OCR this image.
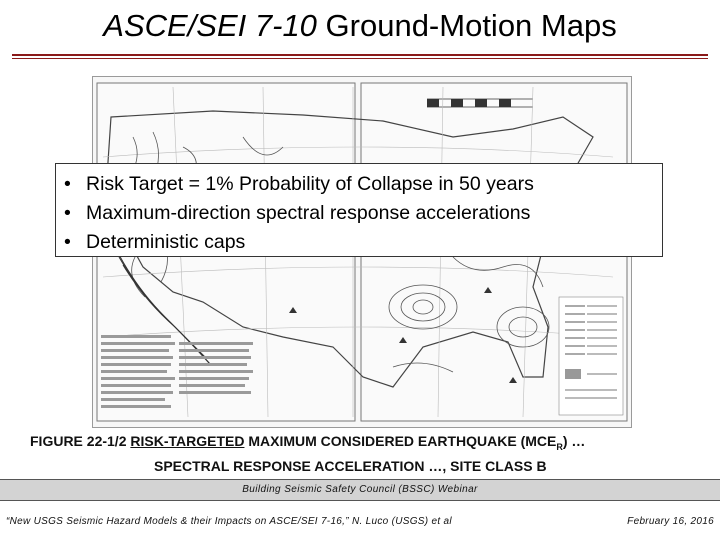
ASCE/SEI 7-10 Ground-Motion Maps
• Risk Target = 1% Probability of Collapse in 50 years
• Maximum-direction spectral response accelerations
• Deterministic caps
FIGURE 22-1/2 RISK-TARGETED MAXIMUM CONSIDERED EARTHQUAKE $(MCE_R)$ …
SPECTRAL RESPONSE ACCELERATION …, SITE CLASS B
Building Seismic Safety Council (BSSC) Webinar
“New USGS Seismic Hazard Models & their Impacts on ASCE/SEI 7-16,” N. Luco (USGS) et al	February 16, 2016
